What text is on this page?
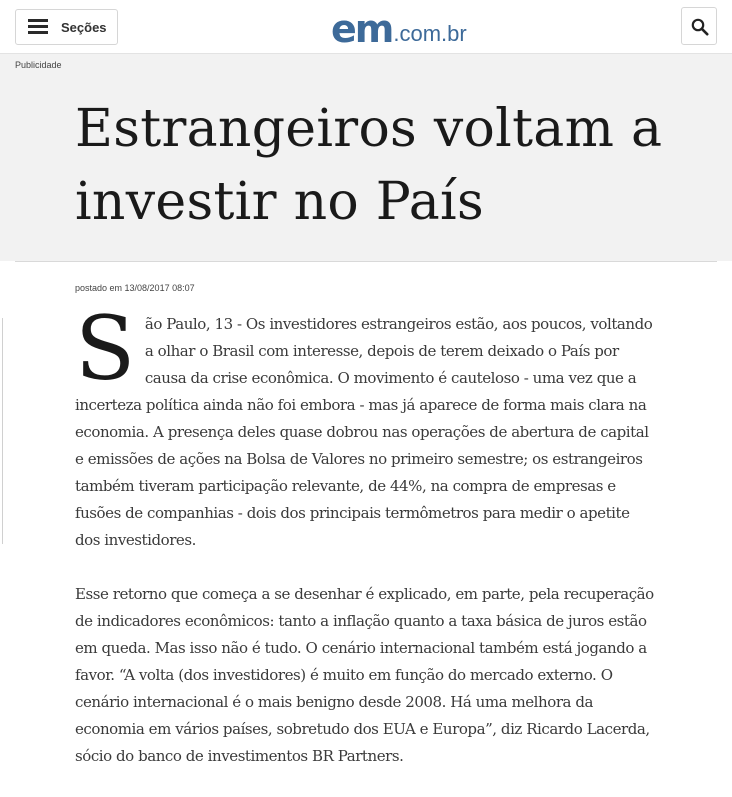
Seções	em .com.br
Publicidade
Estrangeiros voltam a investir no País
postado em 13/08/2017 08:07

S ão Paulo, 13 - Os investidores estrangeiros estão, aos poucos, voltando a olhar o Brasil com interesse, depois de terem deixado o País por causa da crise econômica. O movimento é cauteloso - uma vez que a incerteza política ainda não foi embora - mas já aparece de forma mais clara na economia. A presença deles quase dobrou nas operações de abertura de capital e emissões de ações na Bolsa de Valores no primeiro semestre; os estrangeiros também tiveram participação relevante, de 44%, na compra de empresas e fusões de companhias - dois dos principais termômetros para medir o apetite dos investidores.

Esse retorno que começa a se desenhar é explicado, em parte, pela recuperação de indicadores econômicos: tanto a inflação quanto a taxa básica de juros estão em queda. Mas isso não é tudo. O cenário internacional também está jogando a favor. “A volta (dos investidores) é muito em função do mercado externo. O cenário internacional é o mais benigno desde 2008. Há uma melhora da economia em vários países, sobretudo dos EUA e Europa”, diz Ricardo Lacerda, sócio do banco de investimentos BR Partners.
